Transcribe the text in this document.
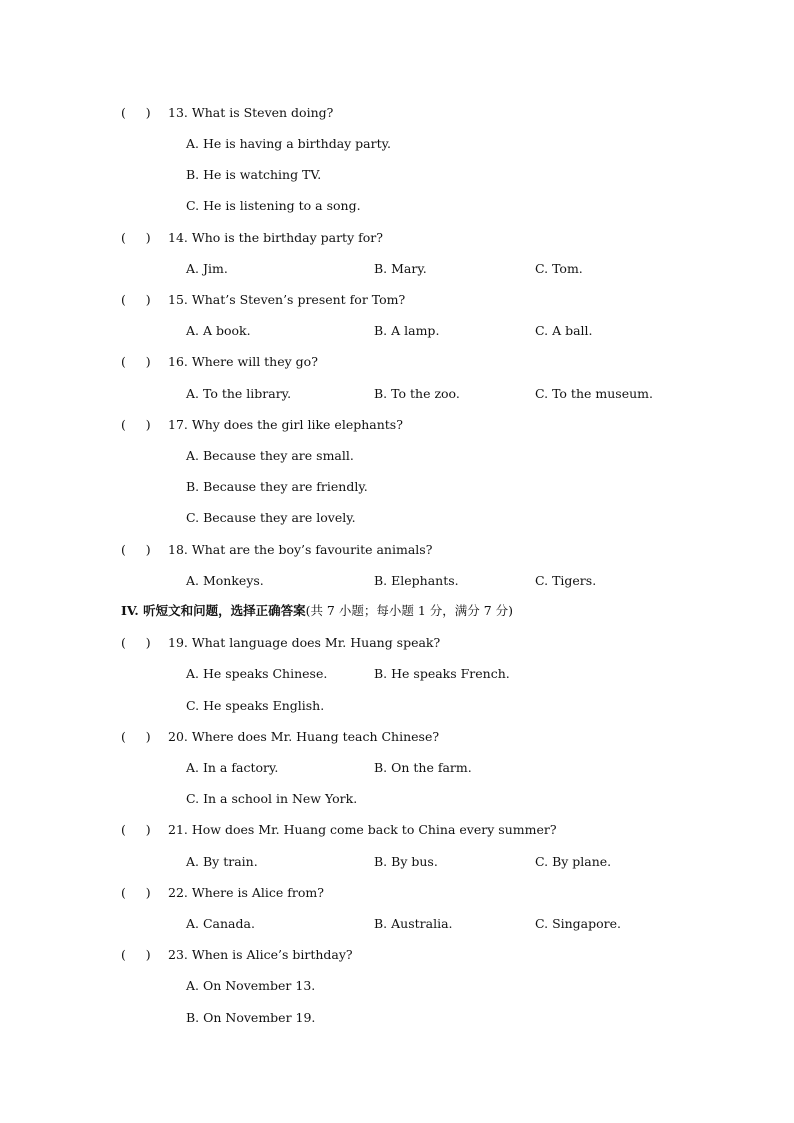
(     ) 13. What is Steven doing?
A. He is having a birthday party.
B. He is watching TV.
C. He is listening to a song.
(     ) 14. Who is the birthday party for?
A. Jim.	B. Mary.	C. Tom.
(     ) 15. What’s Steven’s present for Tom?
A. A book.	B. A lamp.	C. A ball.
(     ) 16. Where will they go?
A. To the library.	B. To the zoo.	C. To the museum.
(     ) 17. Why does the girl like elephants?
A. Because they are small.
B. Because they are friendly.
C. Because they are lovely.
(     ) 18. What are the boy’s favourite animals?
A. Monkeys.	B. Elephants.	C. Tigers.
IV. 听短文和问题，选择正确答案(共 7 小题；每小题 1 分，满分 7 分)
(     ) 19. What language does Mr. Huang speak?
A. He speaks Chinese.	B. He speaks French.
C. He speaks English.
(     ) 20. Where does Mr. Huang teach Chinese?
A. In a factory.	B. On the farm.
C. In a school in New York.
(     ) 21. How does Mr. Huang come back to China every summer?
A. By train.	B. By bus.	C. By plane.
(     ) 22. Where is Alice from?
A. Canada.	B. Australia.	C. Singapore.
(     ) 23. When is Alice’s birthday?
A. On November 13.
B. On November 19.
